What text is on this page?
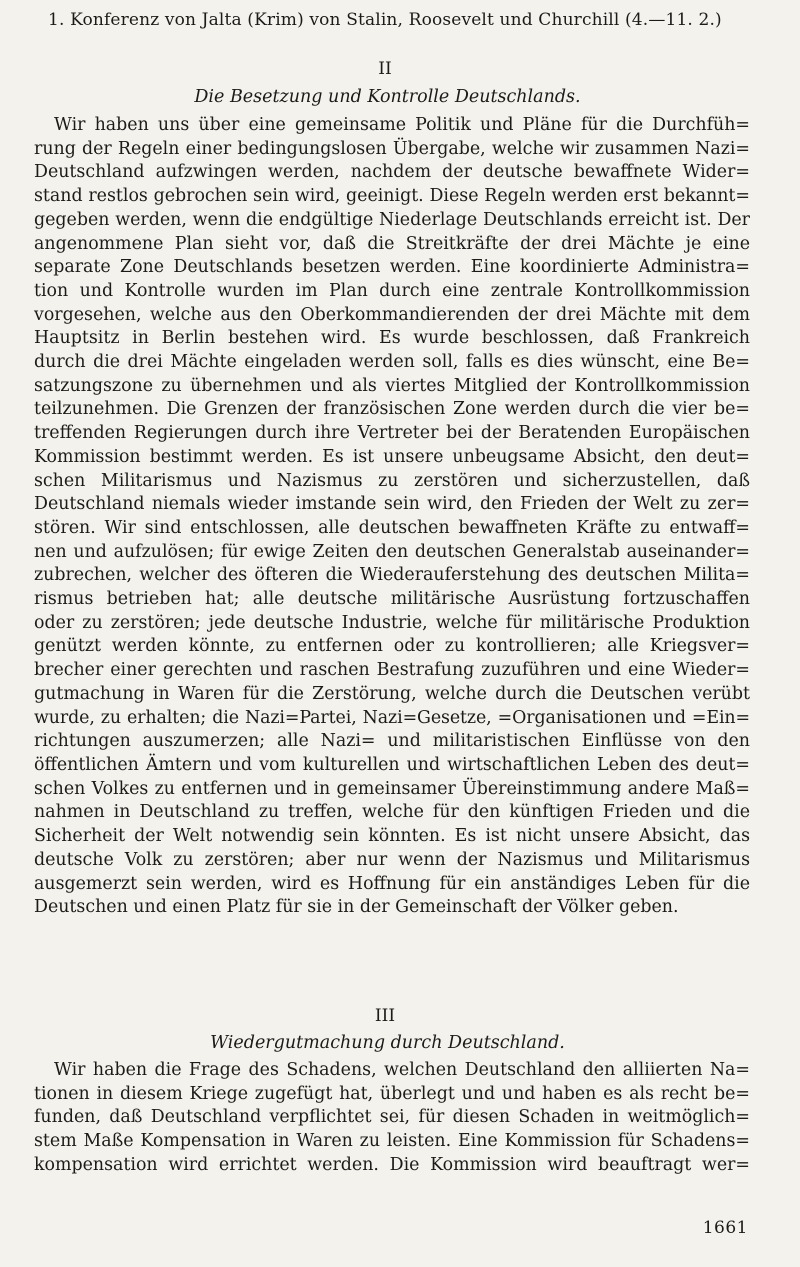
1. Konferenz von Jalta (Krim) von Stalin, Roosevelt und Churchill (4.—11. 2.)
II
Die Besetzung und Kontrolle Deutschlands.
Wir haben uns über eine gemeinsame Politik und Pläne für die Durchfüh=
rung der Regeln einer bedingungslosen Übergabe, welche wir zusammen Nazi=
Deutschland aufzwingen werden, nachdem der deutsche bewaffnete Wider=
stand restlos gebrochen sein wird, geeinigt. Diese Regeln werden erst bekannt=
gegeben werden, wenn die endgültige Niederlage Deutschlands erreicht ist. Der
angenommene Plan sieht vor, daß die Streitkräfte der drei Mächte je eine
separate Zone Deutschlands besetzen werden. Eine koordinierte Administra=
tion und Kontrolle wurden im Plan durch eine zentrale Kontrollkommission
vorgesehen, welche aus den Oberkommandierenden der drei Mächte mit dem
Hauptsitz in Berlin bestehen wird. Es wurde beschlossen, daß Frankreich
durch die drei Mächte eingeladen werden soll, falls es dies wünscht, eine Be=
satzungszone zu übernehmen und als viertes Mitglied der Kontrollkommission
teilzunehmen. Die Grenzen der französischen Zone werden durch die vier be=
treffenden Regierungen durch ihre Vertreter bei der Beratenden Europäischen
Kommission bestimmt werden. Es ist unsere unbeugsame Absicht, den deut=
schen Militarismus und Nazismus zu zerstören und sicherzustellen, daß
Deutschland niemals wieder imstande sein wird, den Frieden der Welt zu zer=
stören. Wir sind entschlossen, alle deutschen bewaffneten Kräfte zu entwaff=
nen und aufzulösen; für ewige Zeiten den deutschen Generalstab auseinander=
zubrechen, welcher des öfteren die Wiederauferstehung des deutschen Milita=
rismus betrieben hat; alle deutsche militärische Ausrüstung fortzuschaffen
oder zu zerstören; jede deutsche Industrie, welche für militärische Produktion
genützt werden könnte, zu entfernen oder zu kontrollieren; alle Kriegsver=
brecher einer gerechten und raschen Bestrafung zuzuführen und eine Wieder=
gutmachung in Waren für die Zerstörung, welche durch die Deutschen verübt
wurde, zu erhalten; die Nazi=Partei, Nazi=Gesetze, =Organisationen und =Ein=
richtungen auszumerzen; alle Nazi= und militaristischen Einflüsse von den
öffentlichen Ämtern und vom kulturellen und wirtschaftlichen Leben des deut=
schen Volkes zu entfernen und in gemeinsamer Übereinstimmung andere Maß=
nahmen in Deutschland zu treffen, welche für den künftigen Frieden und die
Sicherheit der Welt notwendig sein könnten. Es ist nicht unsere Absicht, das
deutsche Volk zu zerstören; aber nur wenn der Nazismus und Militarismus
ausgemerzt sein werden, wird es Hoffnung für ein anständiges Leben für die
Deutschen und einen Platz für sie in der Gemeinschaft der Völker geben.
III
Wiedergutmachung durch Deutschland.
Wir haben die Frage des Schadens, welchen Deutschland den alliierten Na=
tionen in diesem Kriege zugefügt hat, überlegt und und haben es als recht be=
funden, daß Deutschland verpflichtet sei, für diesen Schaden in weitmöglich=
stem Maße Kompensation in Waren zu leisten. Eine Kommission für Schadens=
kompensation wird errichtet werden. Die Kommission wird beauftragt wer=
1661
